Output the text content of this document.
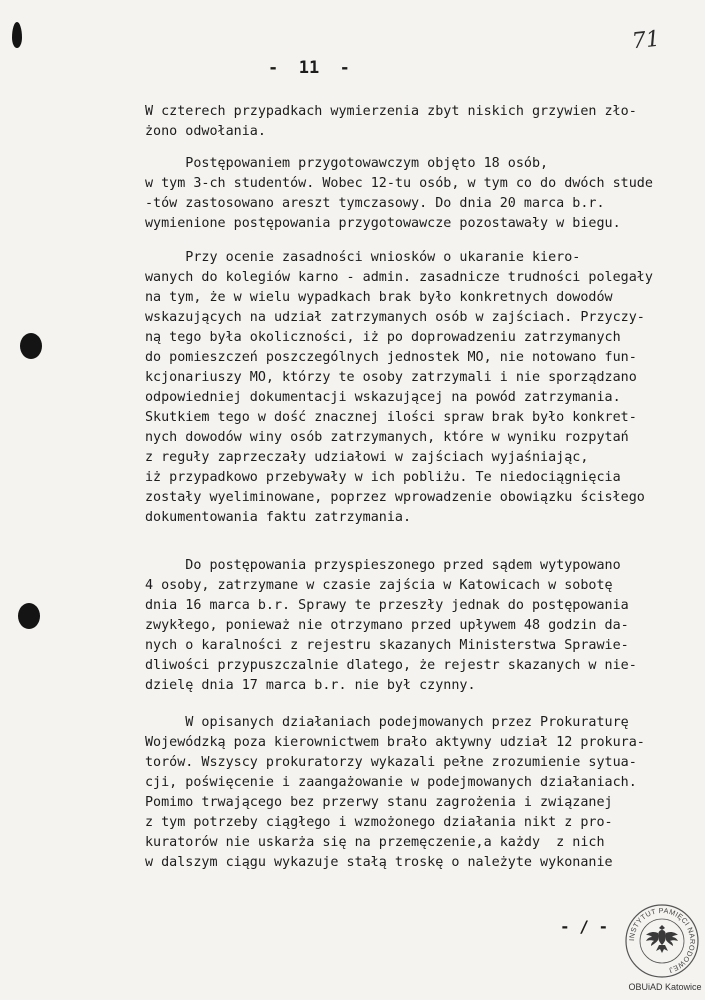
71
-  11  -
W czterech przypadkach wymierzenia zbyt niskich grzywien zło-
żono odwołania.
Postępowaniem przygotowawczym objęto 18 osób,
w tym 3-ch studentów. Wobec 12-tu osób, w tym co do dwóch stude
-tów zastosowano areszt tymczasowy. Do dnia 20 marca b.r.
wymienione postępowania przygotowawcze pozostawały w biegu.
Przy ocenie zasadności wniosków o ukaranie kiero-
wanych do kolegiów karno - admin. zasadnicze trudności polegały
na tym, że w wielu wypadkach brak było konkretnych dowodów
wskazujących na udział zatrzymanych osób w zajściach. Przyczy-
ną tego była okoliczności, iż po doprowadzeniu zatrzymanych
do pomieszczeń poszczególnych jednostek MO, nie notowano fun-
kcjonariuszy MO, którzy te osoby zatrzymali i nie sporządzano
odpowiedniej dokumentacji wskazującej na powód zatrzymania.
Skutkiem tego w dość znacznej ilości spraw brak było konkret-
nych dowodów winy osób zatrzymanych, które w wyniku rozpytań
z reguły zaprzeczały udziałowi w zajściach wyjaśniając,
iż przypadkowo przebywały w ich pobliżu. Te niedociągnięcia
zostały wyeliminowane, poprzez wprowadzenie obowiązku ścisłego
dokumentowania faktu zatrzymania.
Do postępowania przyspieszonego przed sądem wytypowano
4 osoby, zatrzymane w czasie zajścia w Katowicach w sobotę
dnia 16 marca b.r. Sprawy te przeszły jednak do postępowania
zwykłego, ponieważ nie otrzymano przed upływem 48 godzin da-
nych o karalności z rejestru skazanych Ministerstwa Sprawie-
dliwości przypuszczalnie dlatego, że rejestr skazanych w nie-
dzielę dnia 17 marca b.r. nie był czynny.
W opisanych działaniach podejmowanych przez Prokuraturę
Wojewódzką poza kierownictwem brało aktywny udział 12 prokura-
torów. Wszyscy prokuratorzy wykazali pełne zrozumienie sytua-
cji, poświęcenie i zaangażowanie w podejmowanych działaniach.
Pomimo trwającego bez przerwy stanu zagrożenia i związanej
z tym potrzeby ciągłego i wzmożonego działania nikt z pro-
kuratorów nie uskarża się na przemęczenie,a każdy  z nich
w dalszym ciągu wykazuje stałą troskę o należyte wykonanie
- / -
INSTYTUT PAMIĘCI NARODOWEJ
OBUiAD Katowice
